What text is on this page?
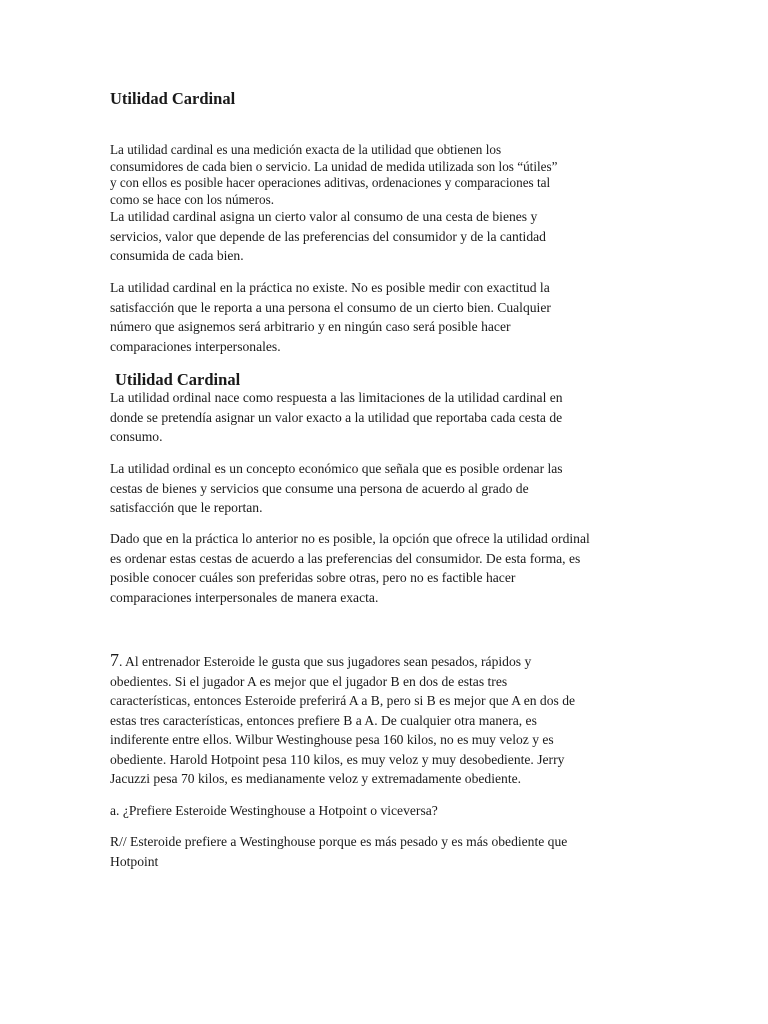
Utilidad Cardinal
La utilidad cardinal es una medición exacta de la utilidad que obtienen los
consumidores de cada bien o servicio. La unidad de medida utilizada son los “útiles”
y con ellos es posible hacer operaciones aditivas, ordenaciones y comparaciones tal
como se hace con los números.
La utilidad cardinal asigna un cierto valor al consumo de una cesta de bienes y
servicios, valor que depende de las preferencias del consumidor y de la cantidad
consumida de cada bien.
La utilidad cardinal en la práctica no existe. No es posible medir con exactitud la
satisfacción que le reporta a una persona el consumo de un cierto bien. Cualquier
número que asignemos será arbitrario y en ningún caso será posible hacer
comparaciones interpersonales.
Utilidad Cardinal
La utilidad ordinal nace como respuesta a las limitaciones de la utilidad cardinal en
donde se pretendía asignar un valor exacto a la utilidad que reportaba cada cesta de
consumo.
La utilidad ordinal es un concepto económico que señala que es posible ordenar las
cestas de bienes y servicios que consume una persona de acuerdo al grado de
satisfacción que le reportan.
Dado que en la práctica lo anterior no es posible, la opción que ofrece la utilidad ordinal
es ordenar estas cestas de acuerdo a las preferencias del consumidor. De esta forma, es
posible conocer cuáles son preferidas sobre otras, pero no es factible hacer
comparaciones interpersonales de manera exacta.
7. Al entrenador Esteroide le gusta que sus jugadores sean pesados, rápidos y
obedientes. Si el jugador A es mejor que el jugador B en dos de estas tres
características, entonces Esteroide preferirá A a B, pero si B es mejor que A en dos de
estas tres características, entonces prefiere B a A. De cualquier otra manera, es
indiferente entre ellos. Wilbur Westinghouse pesa 160 kilos, no es muy veloz y es
obediente. Harold Hotpoint pesa 110 kilos, es muy veloz y muy desobediente. Jerry
Jacuzzi pesa 70 kilos, es medianamente veloz y extremadamente obediente.
a. ¿Prefiere Esteroide Westinghouse a Hotpoint o viceversa?
R// Esteroide prefiere a Westinghouse porque es más pesado y es más obediente que
Hotpoint
